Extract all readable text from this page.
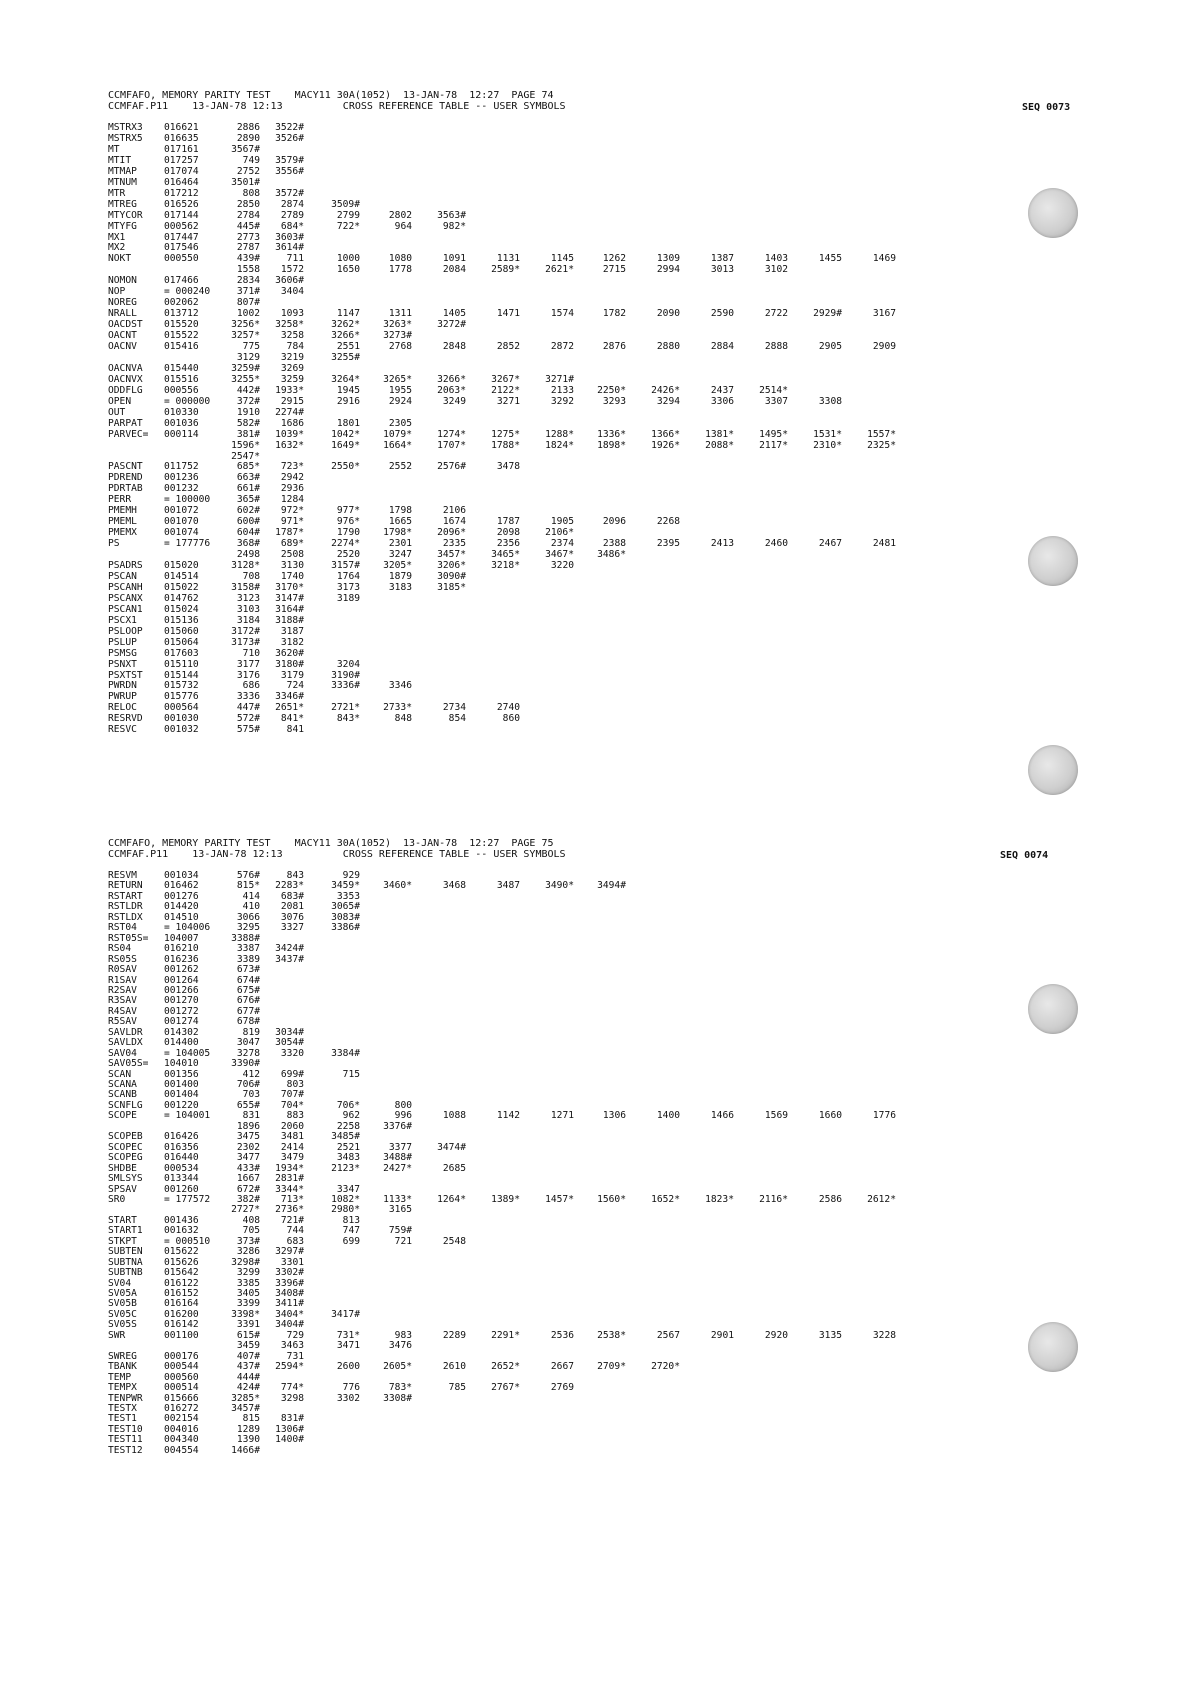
CCMFAFO, MEMORY PARITY TEST    MACY11 30A(1052)  13-JAN-78  12:27  PAGE 74
CCMFAF.P11    13-JAN-78 12:13          CROSS REFERENCE TABLE -- USER SYMBOLS	SEQ 0073
MSTRX3 016621	2886	3522#
MSTRX5 016635	2890	3526#
MT	017161	3567#
MTIT	017257	749	3579#
MTMAP	017074	2752	3556#
MTNUM	016464	3501#
MTR	017212	808	3572#
MTREG	016526	2850	2874	3509#
MTYCOR 017144	2784	2789	2799	2802	3563#
MTYFG	000562	445#	684*	722*	964	982*
MX1	017447	2773	3603#
MX2	017546	2787	3614#
NOKT	000550	439#	711	1000	1080	1091	1131	1145	1262	1309	1387	1403	1455	1469
1558	1572	1650	1778	2084	2589*	2621*	2715	2994	3013	3102
NOMON	017466	2834	3606#
NOP	= 000240	371#	3404
NOREG	002062	807#
NRALL	013712	1002	1093	1147	1311	1405	1471	1574	1782	2090	2590	2722	2929#	3167
OACDST 015520	3256*	3258*	3262*	3263*	3272#
OACNT	015522	3257*	3258	3266*	3273#
OACNV	015416	775	784	2551	2768	2848	2852	2872	2876	2880	2884	2888	2905	2909
3129	3219	3255#
OACNVA 015440	3259#	3269
OACNVX 015516	3255*	3259	3264*	3265*	3266*	3267*	3271#
ODDFLG 000556	442#	1933*	1945	1955	2063*	2122*	2133	2250*	2426*	2437	2514*
OPEN	= 000000	372#	2915	2916	2924	3249	3271	3292	3293	3294	3306	3307	3308
OUT	010330	1910	2274#
PARPAT 001036	582#	1686	1801	2305
PARVEC= 000114	381#	1039*	1042*	1079*	1274*	1275*	1288*	1336*	1366*	1381*	1495*	1531*	1557*
1596*	1632*	1649*	1664*	1707*	1788*	1824*	1898*	1926*	2088*	2117*	2310*	2325*
2547*
PASCNT 011752	685*	723*	2550*	2552	2576#	3478
PDREND 001236	663#	2942
PDRTAB 001232	661#	2936
PERR	= 100000	365#	1284
PMEMH	001072	602#	972*	977*	1798	2106
PMEML	001070	600#	971*	976*	1665	1674	1787	1905	2096	2268
PMEMX	001074	604#	1787*	1790	1798*	2096*	2098	2106*
PS	= 177776	368#	689*	2274*	2301	2335	2356	2374	2388	2395	2413	2460	2467	2481
2498	2508	2520	3247	3457*	3465*	3467*	3486*
PSADRS 015020	3128*	3130	3157#	3205*	3206*	3218*	3220
PSCAN	014514	708	1740	1764	1879	3090#
PSCANH 015022	3158#	3170*	3173	3183	3185*
PSCANX 014762	3123	3147#	3189
PSCAN1 015024	3103	3164#
PSCX1	015136	3184	3188#
PSLOOP 015060	3172#	3187
PSLUP	015064	3173#	3182
PSMSG	017603	710	3620#
PSNXT	015110	3177	3180#	3204
PSXTST 015144	3176	3179	3190#
PWRDN	015732	686	724	3336#	3346
PWRUP	015776	3336	3346#
RELOC	000564	447#	2651*	2721*	2733*	2734	2740
RESRVD 001030	572#	841*	843*	848	854	860
RESVC	001032	575#	841
CCMFAFO, MEMORY PARITY TEST    MACY11 30A(1052)  13-JAN-78  12:27  PAGE 75
CCMFAF.P11    13-JAN-78 12:13          CROSS REFERENCE TABLE -- USER SYMBOLS	SEQ 0074
RESVM	001034	576#	843	929
RETURN 016462	815*	2283*	3459*	3460*	3468	3487	3490*	3494#
RSTART 001276	414	683#	3353
RSTLDR 014420	410	2081	3065#
RSTLDX 014510	3066	3076	3083#
RST04	= 104006	3295	3327	3386#
RST05S= 104007	3388#
RS04	016210	3387	3424#
RS05S	016236	3389	3437#
R0SAV	001262	673#
R1SAV	001264	674#
R2SAV	001266	675#
R3SAV	001270	676#
R4SAV	001272	677#
R5SAV	001274	678#
SAVLDR 014302	819	3034#
SAVLDX 014400	3047	3054#
SAV04	= 104005	3278	3320	3384#
SAV05S= 104010	3390#
SCAN	001356	412	699#	715
SCANA	001400	706#	803
SCANB	001404	703	707#
SCNFLG 001220	655#	704*	706*	800
SCOPE	= 104001	831	883	962	996	1088	1142	1271	1306	1400	1466	1569	1660	1776
1896	2060	2258	3376#
SCOPEB 016426	3475	3481	3485#
SCOPEC 016356	2302	2414	2521	3377	3474#
SCOPEG 016440	3477	3479	3483	3488#
SHDBE	000534	433#	1934*	2123*	2427*	2685
SMLSYS 013344	1667	2831#
SPSAV	001260	672#	3344*	3347
SR0	= 177572	382#	713*	1082*	1133*	1264*	1389*	1457*	1560*	1652*	1823*	2116*	2586	2612*
2727*	2736*	2980*	3165
START	001436	408	721#	813
START1 001632	705	744	747	759#
STKPT	= 000510	373#	683	699	721	2548
SUBTEN 015622	3286	3297#
SUBTNA 015626	3298#	3301
SUBTNB 015642	3299	3302#
SV04	016122	3385	3396#
SV05A	016152	3405	3408#
SV05B	016164	3399	3411#
SV05C	016200	3398*	3404*	3417#
SV05S	016142	3391	3404#
SWR	001100	615#	729	731*	983	2289	2291*	2536	2538*	2567	2901	2920	3135	3228
3459	3463	3471	3476
SWREG	000176	407#	731
TBANK	000544	437#	2594*	2600	2605*	2610	2652*	2667	2709*	2720*
TEMP	000560	444#
TEMPX	000514	424#	774*	776	783*	785	2767*	2769
TENPWR 015666	3285*	3298	3302	3308#
TESTX	016272	3457#
TEST1	002154	815	831#
TEST10 004016	1289	1306#
TEST11 004340	1390	1400#
TEST12 004554	1466#
